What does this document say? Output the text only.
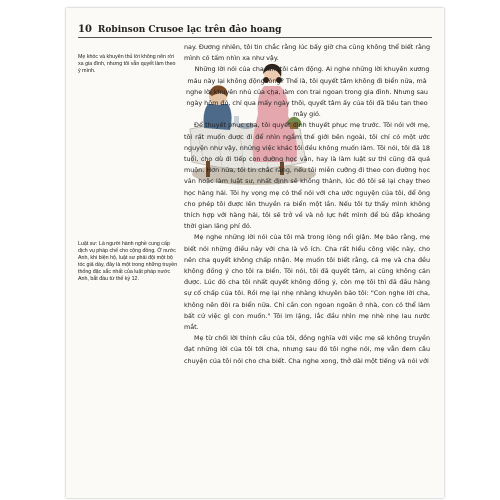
10 Robinson Crusoe lạc trên đảo hoang

Mẹ khóc và khuyên thủ lời không nên rời xa gia đình, nhưng tôi vẫn quyết làm theo ý mình.

Luật sư: Là người hành nghề cung cấp dịch vụ pháp chế cho cộng đồng. Ở nước Anh, khi biện hộ, luật sư phải đội một bộ tóc giả dày, đây là một trong những truyền thống đặc sắc nhất của luật pháp nước Anh, bắt đầu từ thế kỷ 12.

nay. Đương nhiên, tôi tin chắc rằng lúc bấy giờ cha cũng không thể biết rằng mình có tấm nhìn xa như vậy.

Những lời nói của cha làm tôi cảm động. Ai nghe những lời khuyên xương máu này lại không động lòng? Thế là, tôi quyết tâm không đi biển nữa, mà nghe lời khuyên nhủ của cha, làm con trai ngoan trong gia đình. Nhưng sau ngày hôm đó, chỉ qua mấy ngày thôi, quyết tâm ấy của tôi đã tiêu tan theo mây gió.

Để thuyết phục cha, tôi quyết định thuyết phục mẹ trước. Tôi nói với mẹ, tôi rất muốn được đi để nhìn ngắm thế giới bên ngoài, tôi chỉ có một ước nguyện như vậy, những việc khác tôi đều không muốn làm. Tôi nói, tôi đã 18 tuổi, cho dù đi tiếp con đường học văn, hay là làm luật sư thì cũng đã quá muộn. Hơn nữa, tôi tin chắc rằng, nếu tôi miễn cưỡng đi theo con đường học văn hoặc làm luật sư, nhất định sẽ không thành, lúc đó tôi sẽ lại chạy theo học hàng hải. Tôi hy vọng mẹ có thể nói với cha ước nguyện của tôi, để ông cho phép tôi được lên thuyền ra biển một lần. Nếu tôi tự thấy mình không thích hợp với hàng hải, tôi sẽ trở về và nỗ lực hết mình để bù đắp khoảng thời gian lãng phí đó.

Mẹ nghe những lời nói của tôi mà trong lòng nổi giận. Mẹ bảo rằng, mẹ biết nói những điều này với cha là vô ích. Cha rất hiểu công việc này, cho nên cha quyết không chấp nhận. Mẹ muốn tôi biết rằng, cả mẹ và cha đều không đồng ý cho tôi ra biển. Tôi nói, tôi đã quyết tâm, ai cũng không cản được. Lúc đó cha tôi nhất quyết không đồng ý, còn mẹ tôi thì đã đầu hàng sự cố chấp của tôi. Rồi mẹ lại nhẹ nhàng khuyên bảo tôi: "Con nghe lời cha, không nên đòi ra biển nữa. Chỉ cần con ngoan ngoãn ở nhà, con có thể làm bất cứ việc gì con muốn." Tôi im lặng, lắc đầu nhìn mẹ nhè nhẹ lau nước mắt.

Mẹ từ chối lời thỉnh cầu của tôi, đồng nghĩa với việc mẹ sẽ không truyền đạt những lời của tôi tới cha, nhưng sau đó tôi nghe nói, mẹ vẫn đem câu chuyện của tôi nói cho cha biết. Cha nghe xong, thở dài một tiếng và nói với
